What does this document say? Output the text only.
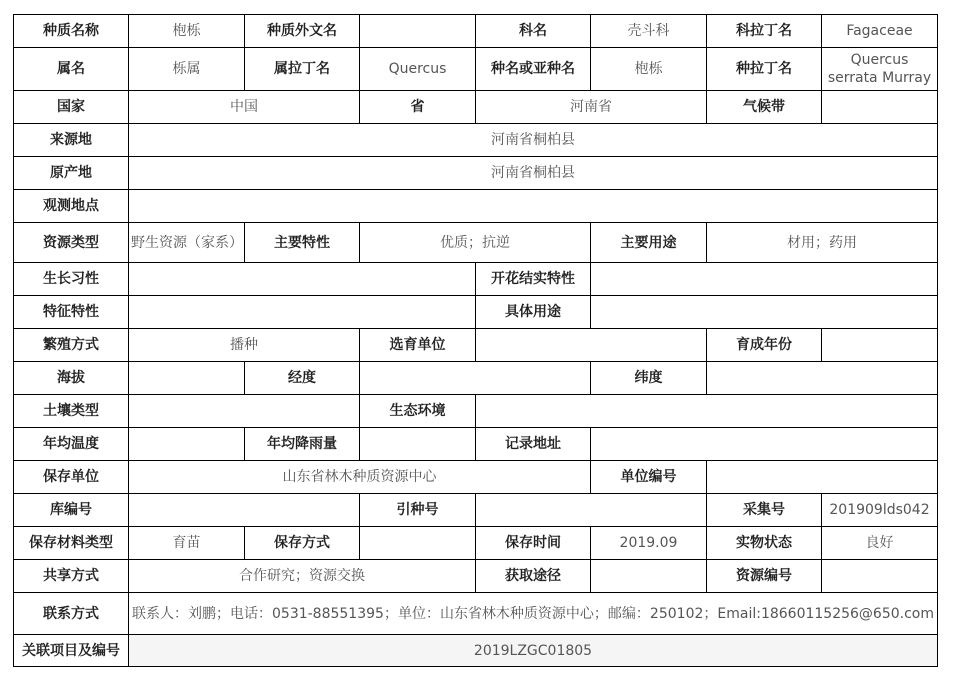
种质名称	枹栎	种质外文名		科名	壳斗科	科拉丁名	Fagaceae
属名	栎属	属拉丁名	Quercus	种名或亚种名	枹栎	种拉丁名	Quercus serrata Murray
国家	中国		省	河南省		气候带	
来源地	河南省桐柏县						
原产地	河南省桐柏县						
观测地点							
资源类型	野生资源（家系）	主要特性	优质；抗逆		主要用途	材用；药用	
生长习性				开花结实特性			
特征特性				具体用途			
繁殖方式	播种		选育单位			育成年份	
海拔		经度			纬度		
土壤类型			生态环境				
年均温度		年均降雨量		记录地址			
保存单位	山东省林木种质资源中心				单位编号		
库编号			引种号			采集号	201909lds042
保存材料类型	育苗	保存方式		保存时间	2019.09	实物状态	良好
共享方式	合作研究；资源交换			获取途径		资源编号	
联系方式	联系人：刘鹏；电话：0531-88551395；单位：山东省林木种质资源中心；邮编：250102；Email:18660115256@650.com						
关联项目及编号	2019LZGC01805						
